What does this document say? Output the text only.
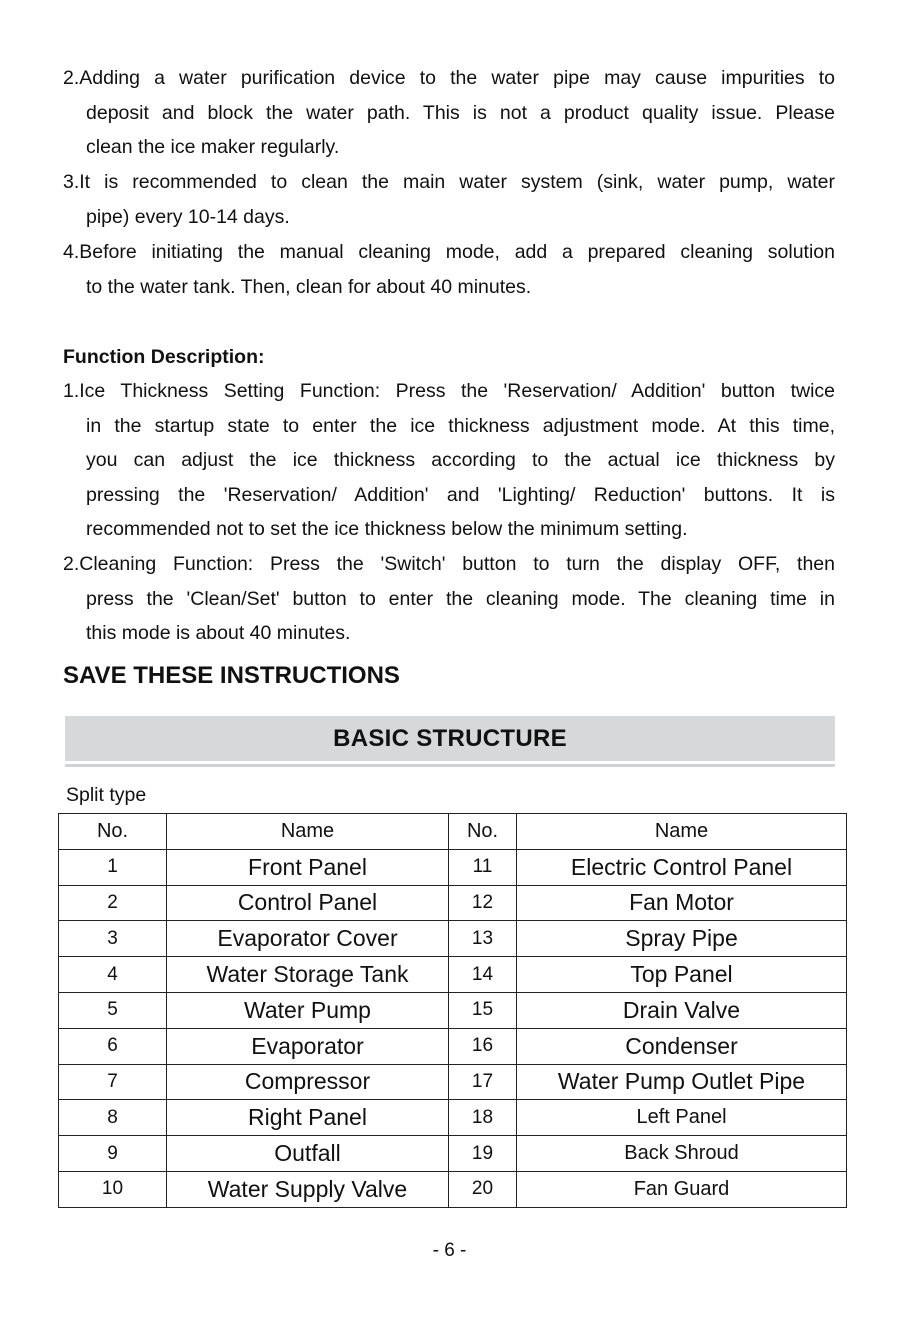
2.Adding a water purification device to the water pipe may cause impurities to
deposit and block the water path. This is not a product quality issue. Please
clean the ice maker regularly.
3.It is recommended to clean the main water system (sink, water pump, water
pipe) every 10-14 days.
4.Before initiating the manual cleaning mode, add a prepared cleaning solution
to the water tank. Then, clean for about 40 minutes.
Function Description:
1.Ice Thickness Setting Function: Press the 'Reservation/ Addition' button twice
in the startup state to enter the ice thickness adjustment mode. At this time,
you can adjust the ice thickness according to the actual ice thickness by
pressing the 'Reservation/ Addition' and 'Lighting/ Reduction' buttons. It is
recommended not to set the ice thickness below the minimum setting.
2.Cleaning Function: Press the 'Switch' button to turn the display OFF, then
press the 'Clean/Set' button to enter the cleaning mode. The cleaning time in
this mode is about 40 minutes.
SAVE THESE INSTRUCTIONS
BASIC STRUCTURE
Split type
No.	Name	No.	Name
1	Front Panel	11	Electric Control Panel
2	Control Panel	12	Fan Motor
3	Evaporator Cover	13	Spray Pipe
4	Water Storage Tank	14	Top Panel
5	Water Pump	15	Drain Valve
6	Evaporator	16	Condenser
7	Compressor	17	Water Pump Outlet Pipe
8	Right Panel	18	Left Panel
9	Outfall	19	Back Shroud
10	Water Supply Valve	20	Fan Guard
- 6 -
